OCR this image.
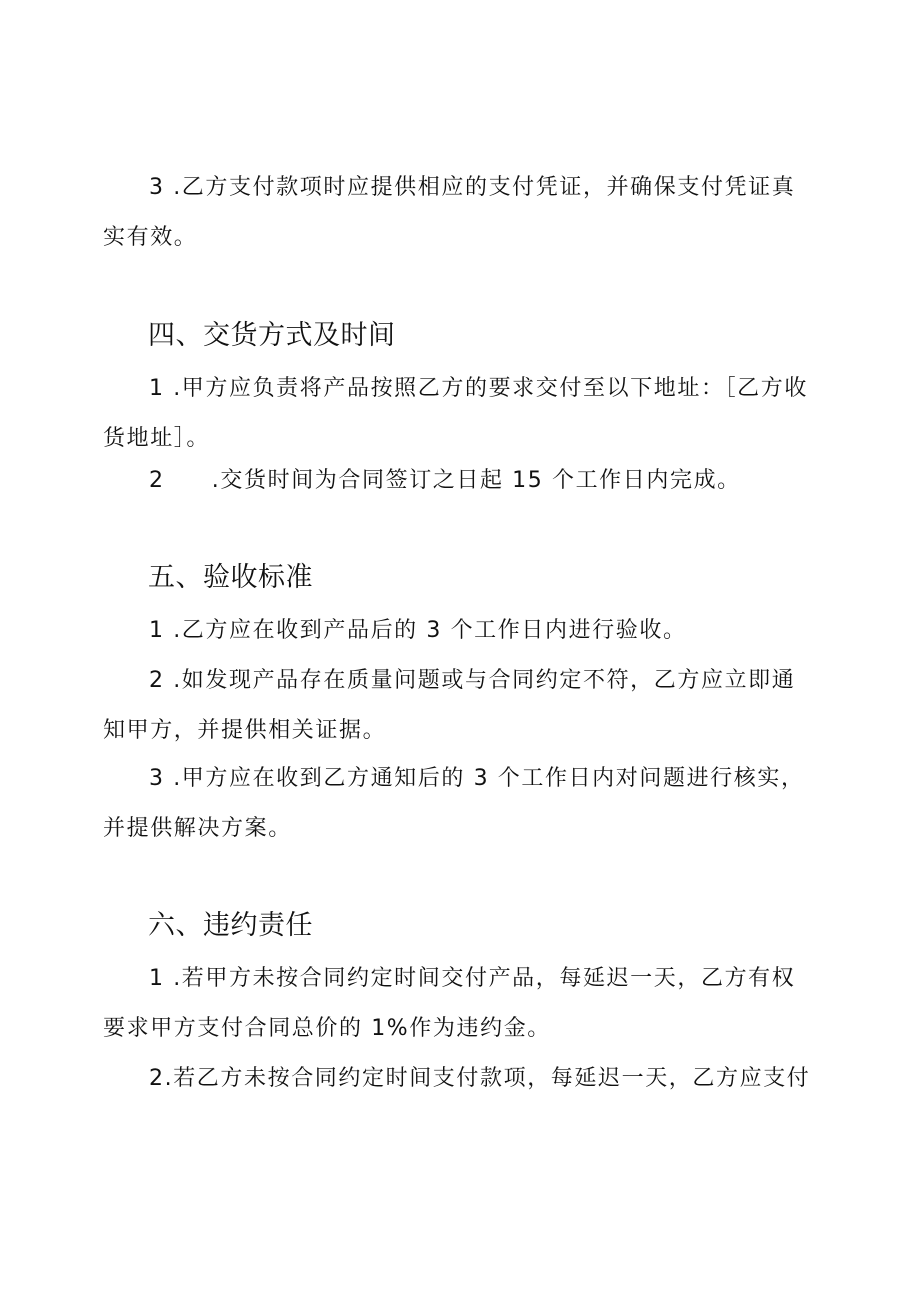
3 .乙方支付款项时应提供相应的支付凭证，并确保支付凭证真实有效。

四、交货方式及时间

1 .甲方应负责将产品按照乙方的要求交付至以下地址：［乙方收货地址］。

2　　.交货时间为合同签订之日起 15 个工作日内完成。

五、验收标准

1 .乙方应在收到产品后的 3 个工作日内进行验收。

2 .如发现产品存在质量问题或与合同约定不符，乙方应立即通知甲方，并提供相关证据。

3 .甲方应在收到乙方通知后的 3 个工作日内对问题进行核实，并提供解决方案。

六、违约责任

1 .若甲方未按合同约定时间交付产品，每延迟一天，乙方有权要求甲方支付合同总价的 1%作为违约金。

2.若乙方未按合同约定时间支付款项，每延迟一天，乙方应支付
